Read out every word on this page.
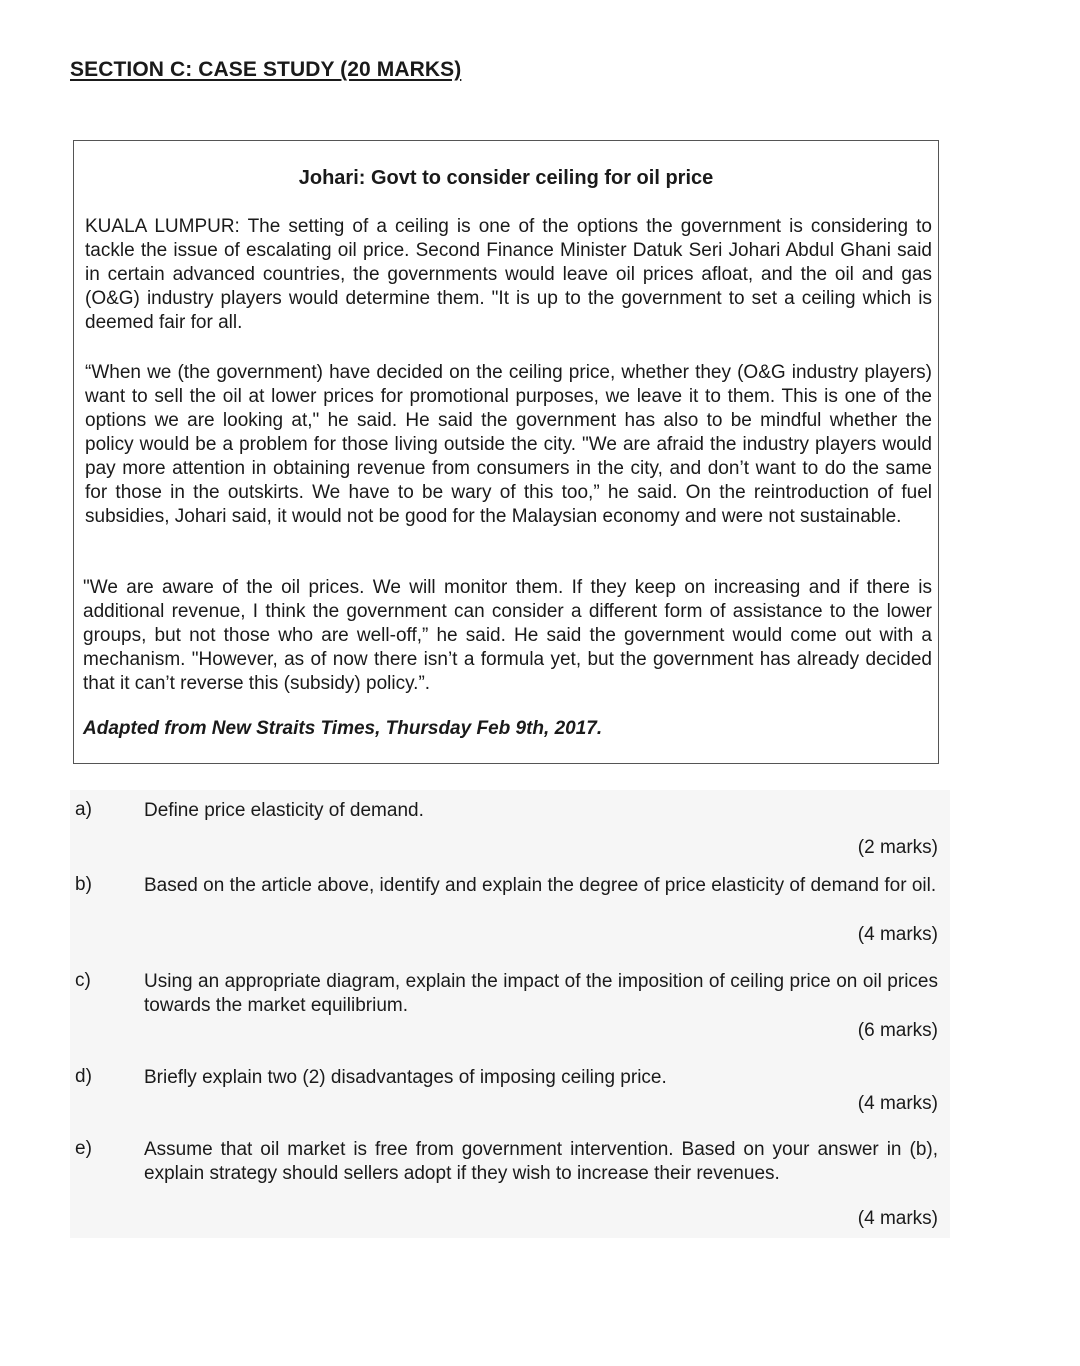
SECTION C: CASE STUDY (20 MARKS)
Johari: Govt to consider ceiling for oil price

KUALA LUMPUR: The setting of a ceiling is one of the options the government is considering to tackle the issue of escalating oil price. Second Finance Minister Datuk Seri Johari Abdul Ghani said in certain advanced countries, the governments would leave oil prices afloat, and the oil and gas (O&G) industry players would determine them. "It is up to the government to set a ceiling which is deemed fair for all.

“When we (the government) have decided on the ceiling price, whether they (O&G industry players) want to sell the oil at lower prices for promotional purposes, we leave it to them. This is one of the options we are looking at," he said. He said the government has also to be mindful whether the policy would be a problem for those living outside the city. "We are afraid the industry players would pay more attention in obtaining revenue from consumers in the city, and don’t want to do the same for those in the outskirts. We have to be wary of this too,” he said. On the reintroduction of fuel subsidies, Johari said, it would not be good for the Malaysian economy and were not sustainable.

"We are aware of the oil prices. We will monitor them. If they keep on increasing and if there is additional revenue, I think the government can consider a different form of assistance to the lower groups, but not those who are well-off,” he said. He said the government would come out with a mechanism. "However, as of now there isn’t a formula yet, but the government has already decided that it can’t reverse this (subsidy) policy.”.

Adapted from New Straits Times, Thursday Feb 9th, 2017.
a)	Define price elasticity of demand.

(2 marks)
b)	Based on the article above, identify and explain the degree of price elasticity of demand for oil.

(4 marks)
c)	Using an appropriate diagram, explain the impact of the imposition of ceiling price on oil prices towards the market equilibrium.

(6 marks)
d)	Briefly explain two (2) disadvantages of imposing ceiling price.

(4 marks)
e)	Assume that oil market is free from government intervention. Based on your answer in (b), explain strategy should sellers adopt if they wish to increase their revenues.

(4 marks)
